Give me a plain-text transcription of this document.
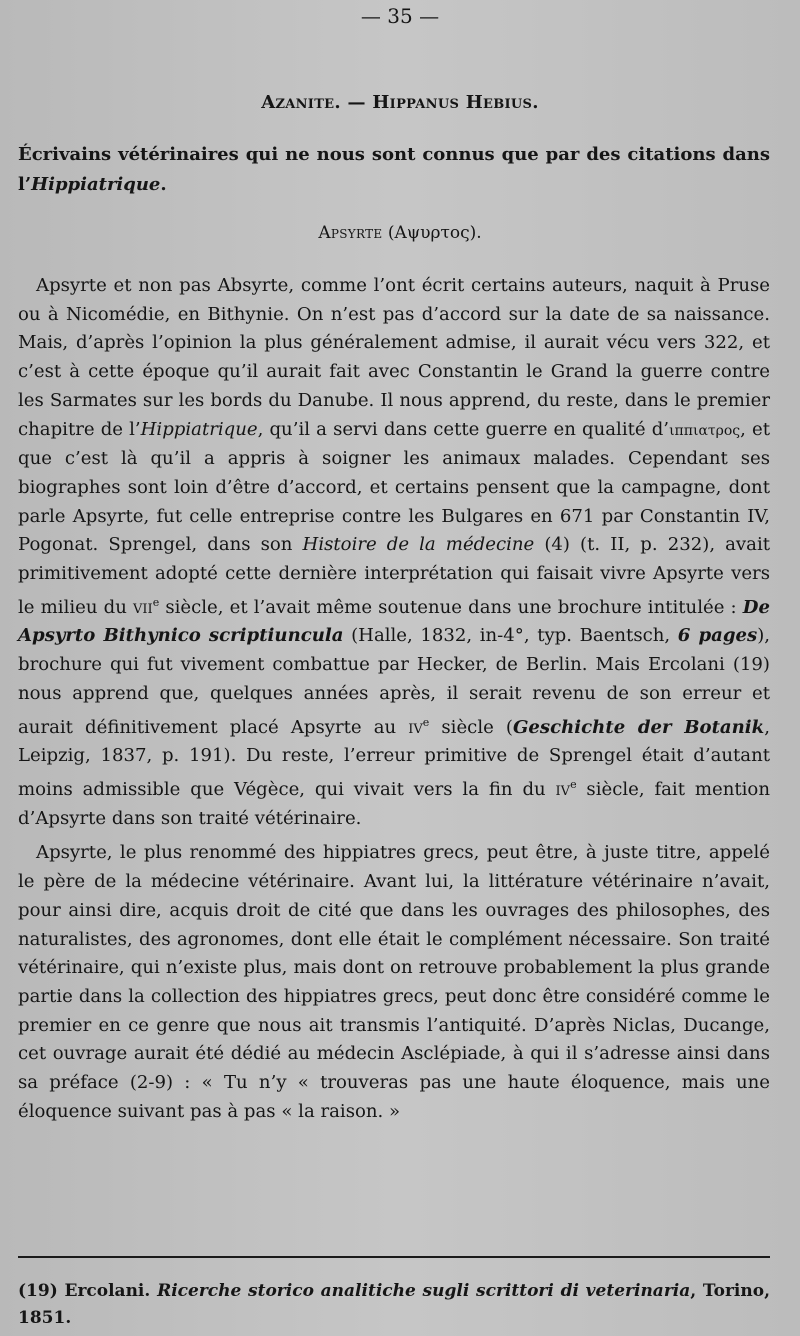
— 35 —
Azanite. — Hippanus Hebius.
Écrivains vétérinaires qui ne nous sont connus que par des citations dans l’Hippiatrique.
Apsyrte (Αψυρτος).

Apsyrte et non pas Absyrte, comme l’ont écrit certains auteurs, naquit à Pruse ou à Nicomédie, en Bithynie. On n’est pas d’accord sur la date de sa naissance. Mais, d’après l’opinion la plus généralement admise, il aurait vécu vers 322, et c’est à cette époque qu’il aurait fait avec Constantin le Grand la guerre contre les Sarmates sur les bords du Danube. Il nous apprend, du reste, dans le premier chapitre de l’Hippiatrique, qu’il a servi dans cette guerre en qualité d’ιππιατρος, et que c’est là qu’il a appris à soigner les animaux malades. Cependant ses biographes sont loin d’être d’accord, et certains pensent que la campagne, dont parle Apsyrte, fut celle entreprise contre les Bulgares en 671 par Constantin IV, Pogonat. Sprengel, dans son Histoire de la médecine (4) (t. II, p. 232), avait primitivement adopté cette dernière interprétation qui faisait vivre Apsyrte vers le milieu du vii$^e$ siècle, et l’avait même soutenue dans une brochure intitulée : De Apsyrto Bithynico scriptiuncula (Halle, 1832, in-4°, typ. Baentsch, 6 pages), brochure qui fut vivement combattue par Hecker, de Berlin. Mais Ercolani (19) nous apprend que, quelques années après, il serait revenu de son erreur et aurait définitivement placé Apsyrte au $iv^e$ siècle (Geschichte der Botanik, Leipzig, 1837, p. 191). Du reste, l’erreur primitive de Sprengel était d’autant moins admissible que Végèce, qui vivait vers la fin du $iv^e$ siècle, fait mention d’Apsyrte dans son traité vétérinaire.

Apsyrte, le plus renommé des hippiatres grecs, peut être, à juste titre, appelé le père de la médecine vétérinaire. Avant lui, la littérature vétérinaire n’avait, pour ainsi dire, acquis droit de cité que dans les ouvrages des philosophes, des naturalistes, des agronomes, dont elle était le complément nécessaire. Son traité vétérinaire, qui n’existe plus, mais dont on retrouve probablement la plus grande partie dans la collection des hippiatres grecs, peut donc être considéré comme le premier en ce genre que nous ait transmis l’antiquité. D’après Niclas, Ducange, cet ouvrage aurait été dédié au médecin Asclépiade, à qui il s’adresse ainsi dans sa préface (2-9) : « Tu n’y « trouveras pas une haute éloquence, mais une éloquence suivant pas à pas « la raison. »

(19) Ercolani. Ricerche storico analitiche sugli scrittori di veterinaria, Torino, 1851.
